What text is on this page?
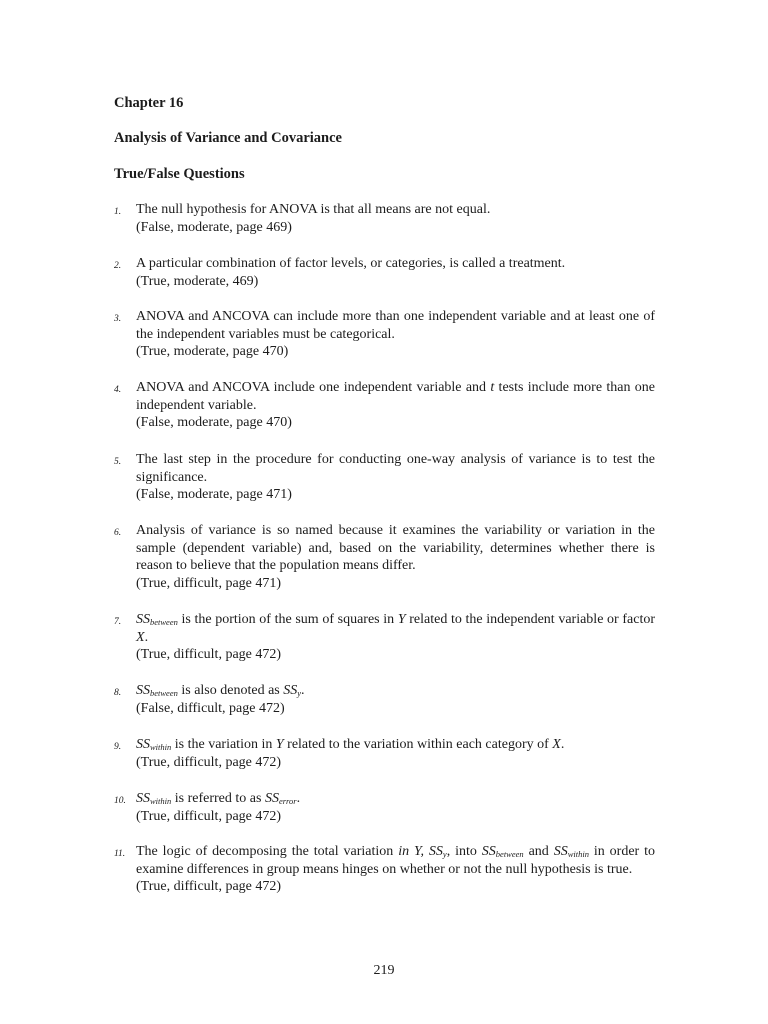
Chapter 16

Analysis of Variance and Covariance

True/False Questions

1. The null hypothesis for ANOVA is that all means are not equal.
(False, moderate, page 469)
2. A particular combination of factor levels, or categories, is called a treatment.
(True, moderate, 469)
3. ANOVA and ANCOVA can include more than one independent variable and at least one of the independent variables must be categorical.
(True, moderate, page 470)
4. ANOVA and ANCOVA include one independent variable and t tests include more than one independent variable.
(False, moderate, page 470)
5. The last step in the procedure for conducting one-way analysis of variance is to test the significance.
(False, moderate, page 471)
6. Analysis of variance is so named because it examines the variability or variation in the sample (dependent variable) and, based on the variability, determines whether there is reason to believe that the population means differ.
(True, difficult, page 471)
7. $SS_{between}$ is the portion of the sum of squares in Y related to the independent variable or factor X.
(True, difficult, page 472)
8. $SS_{between}$ is also denoted as $SS_y$.
(False, difficult, page 472)
9. $SS_{within}$ is the variation in Y related to the variation within each category of X.
(True, difficult, page 472)
10. $SS_{within}$ is referred to as $SS_{error}$.
(True, difficult, page 472)
11. The logic of decomposing the total variation in Y, $SS_y$, into $SS_{between}$ and $SS_{within}$ in order to examine differences in group means hinges on whether or not the null hypothesis is true.
(True, difficult, page 472)
219
